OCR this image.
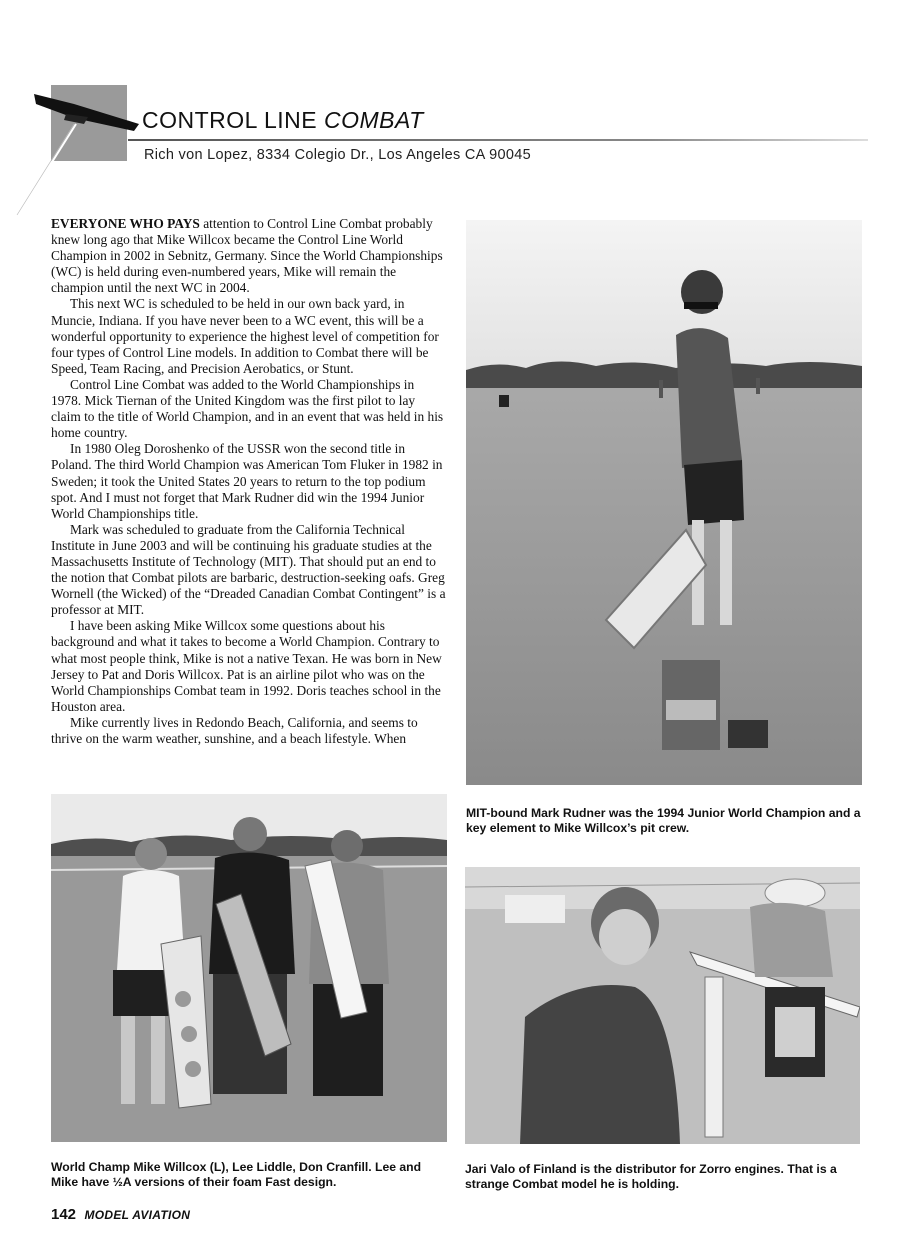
CONTROL LINE COMBAT
Rich von Lopez, 8334 Colegio Dr., Los Angeles CA 90045

EVERYONE WHO PAYS attention to Control Line Combat probably knew long ago that Mike Willcox became the Control Line World Champion in 2002 in Sebnitz, Germany. Since the World Championships (WC) is held during even-numbered years, Mike will remain the champion until the next WC in 2004.

This next WC is scheduled to be held in our own back yard, in Muncie, Indiana. If you have never been to a WC event, this will be a wonderful opportunity to experience the highest level of competition for four types of Control Line models. In addition to Combat there will be Speed, Team Racing, and Precision Aerobatics, or Stunt.

Control Line Combat was added to the World Championships in 1978. Mick Tiernan of the United Kingdom was the first pilot to lay claim to the title of World Champion, and in an event that was held in his home country.

In 1980 Oleg Doroshenko of the USSR won the second title in Poland. The third World Champion was American Tom Fluker in 1982 in Sweden; it took the United States 20 years to return to the top podium spot. And I must not forget that Mark Rudner did win the 1994 Junior World Championships title.

Mark was scheduled to graduate from the California Technical Institute in June 2003 and will be continuing his graduate studies at the Massachusetts Institute of Technology (MIT). That should put an end to the notion that Combat pilots are barbaric, destruction-seeking oafs. Greg Wornell (the Wicked) of the “Dreaded Canadian Combat Contingent” is a professor at MIT.

I have been asking Mike Willcox some questions about his background and what it takes to become a World Champion. Contrary to what most people think, Mike is not a native Texan. He was born in New Jersey to Pat and Doris Willcox. Pat is an airline pilot who was on the World Championships Combat team in 1992. Doris teaches school in the Houston area.

Mike currently lives in Redondo Beach, California, and seems to thrive on the warm weather, sunshine, and a beach lifestyle. When

MIT-bound Mark Rudner was the 1994 Junior World Champion and a key element to Mike Willcox’s pit crew.
World Champ Mike Willcox (L), Lee Liddle, Don Cranfill. Lee and Mike have ½A versions of their foam Fast design.
Jari Valo of Finland is the distributor for Zorro engines. That is a strange Combat model he is holding.
142 MODEL AVIATION
